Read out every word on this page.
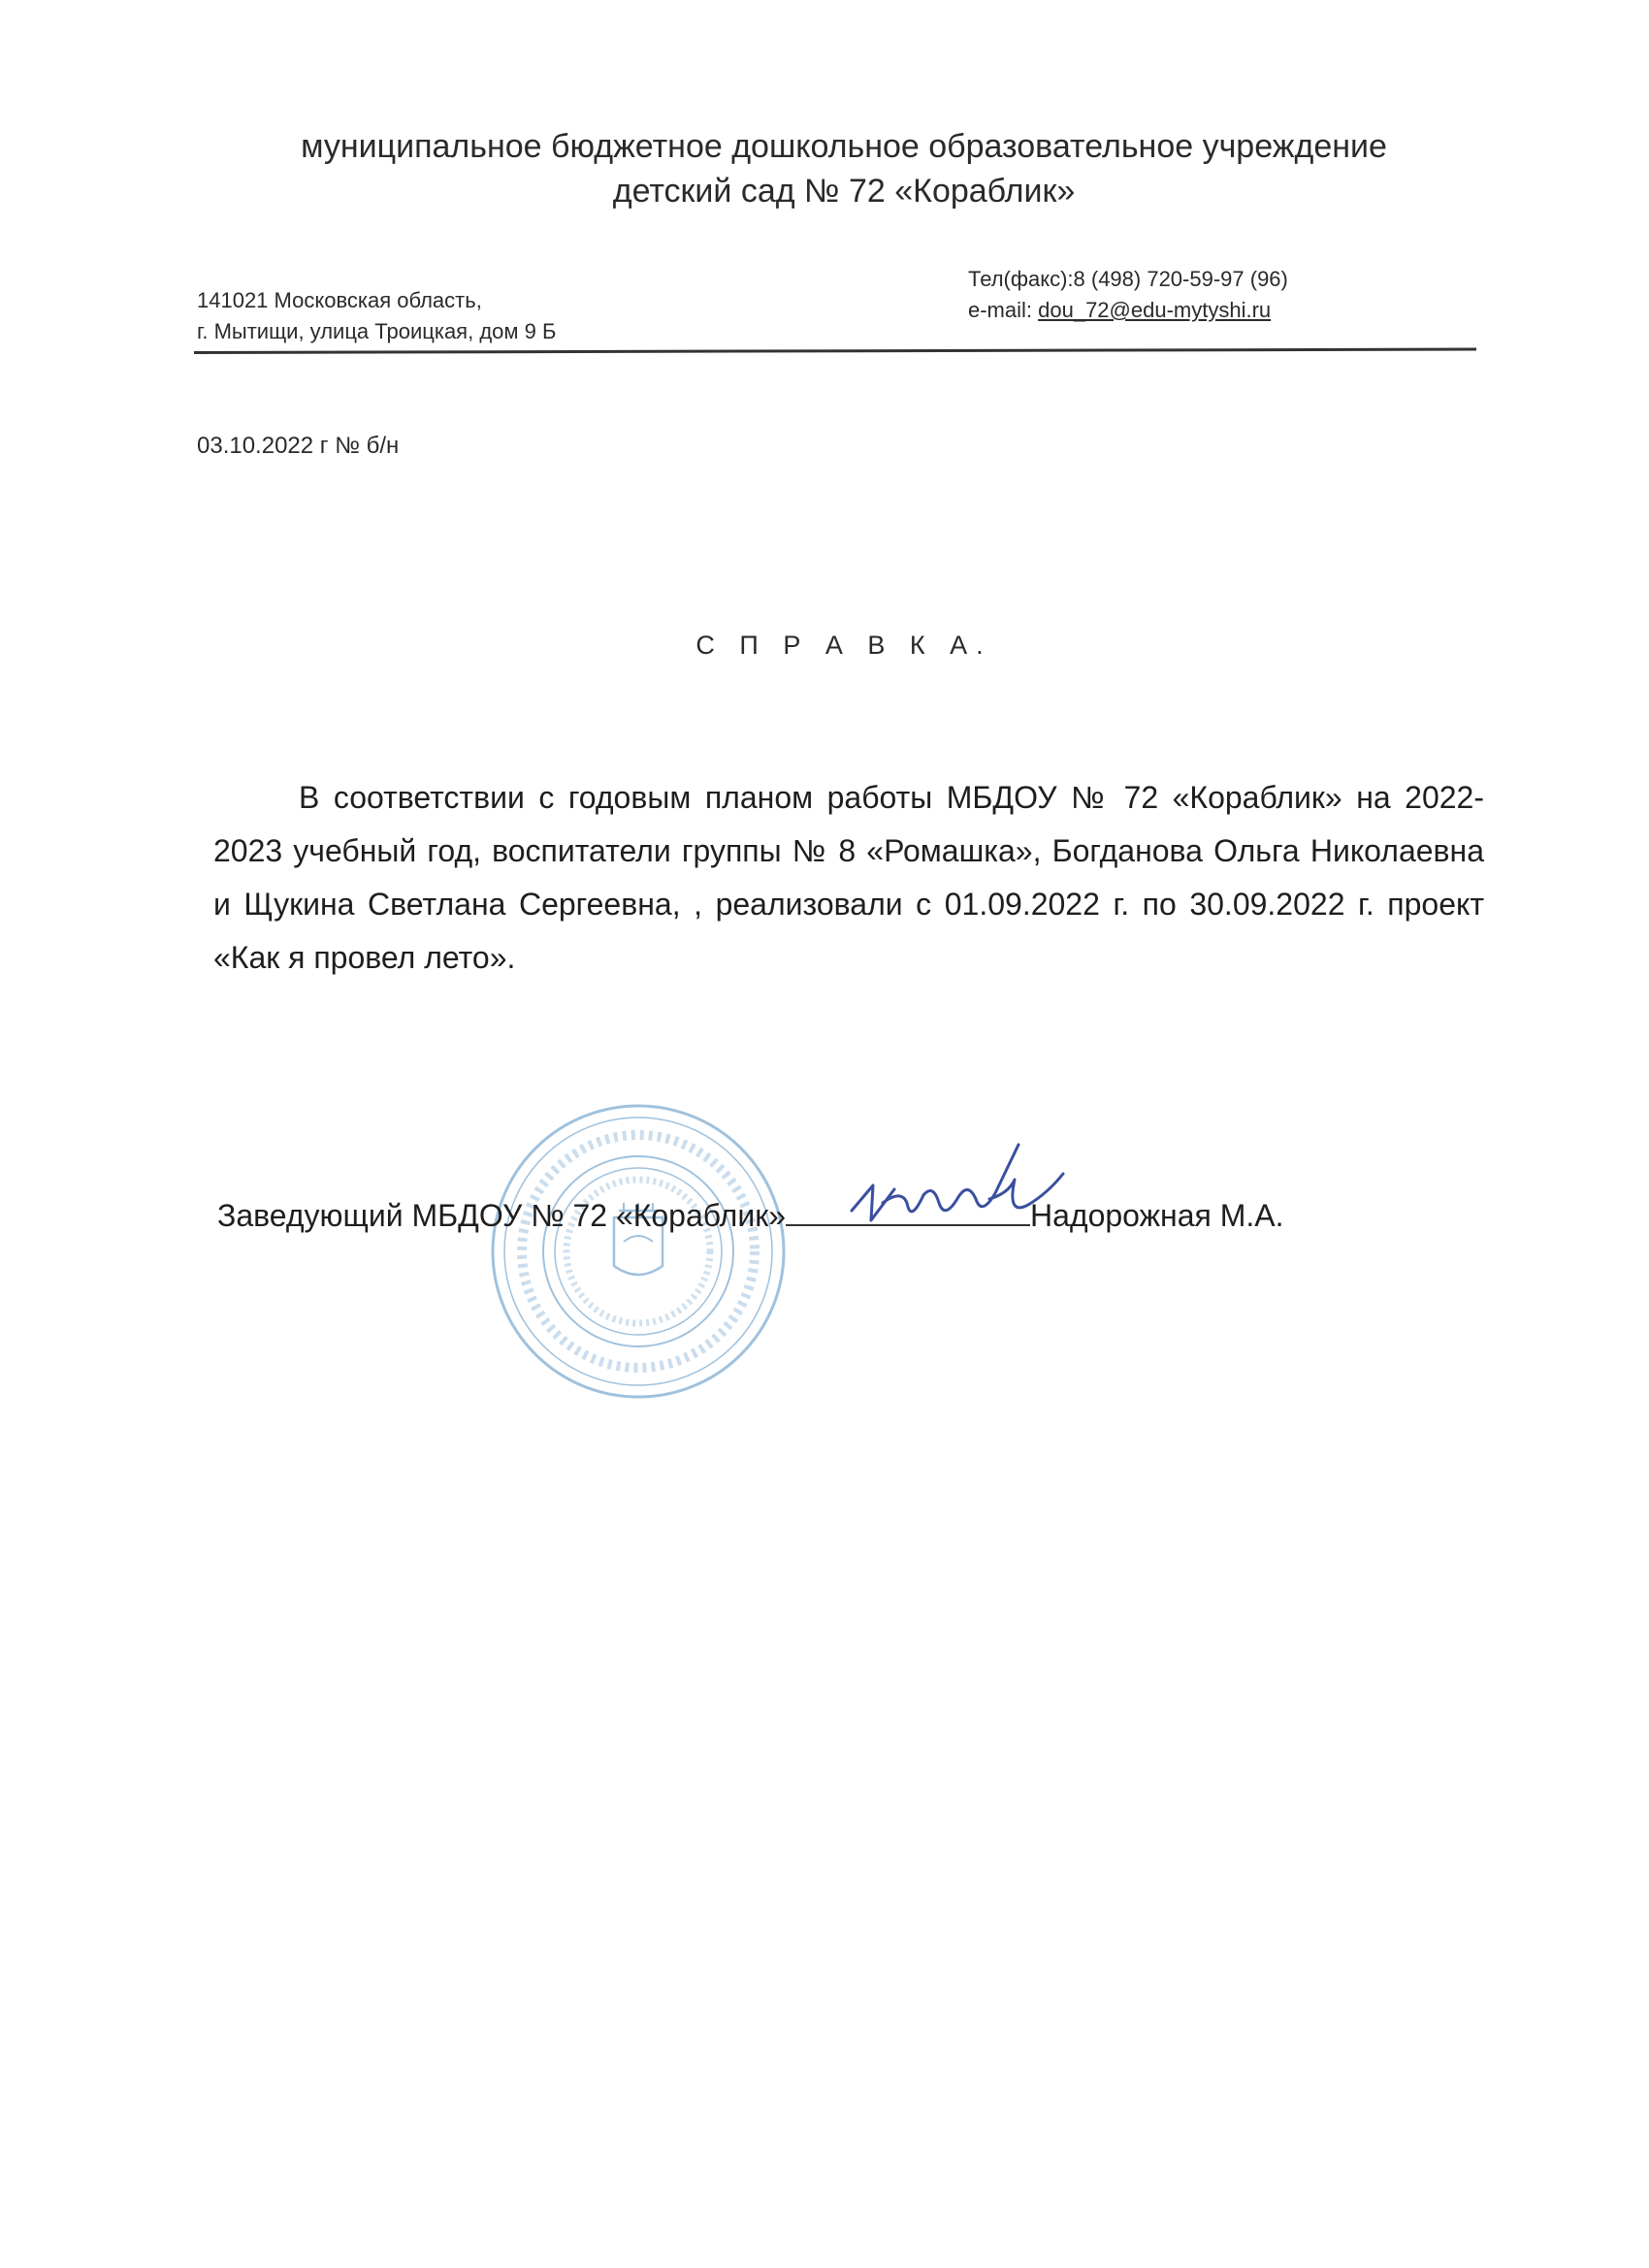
муниципальное бюджетное дошкольное образовательное учреждение
детский сад № 72 «Кораблик»
141021 Московская область,
г. Мытищи, улица Троицкая, дом 9 Б
Тел(факс):8 (498) 720-59-97 (96)
e-mail: dou_72@edu-mytyshi.ru
03.10.2022 г № б/н
С П Р А В К А.
В соответствии с годовым планом работы МБДОУ № 72 «Кораблик» на 2022-2023 учебный год, воспитатели группы № 8 «Ромашка», Богданова Ольга Николаевна и Щукина Светлана Сергеевна, , реализовали с 01.09.2022 г. по 30.09.2022 г. проект «Как я провел лето».
Заведующий МБДОУ № 72 «Кораблик»	Надорожная М.А.
